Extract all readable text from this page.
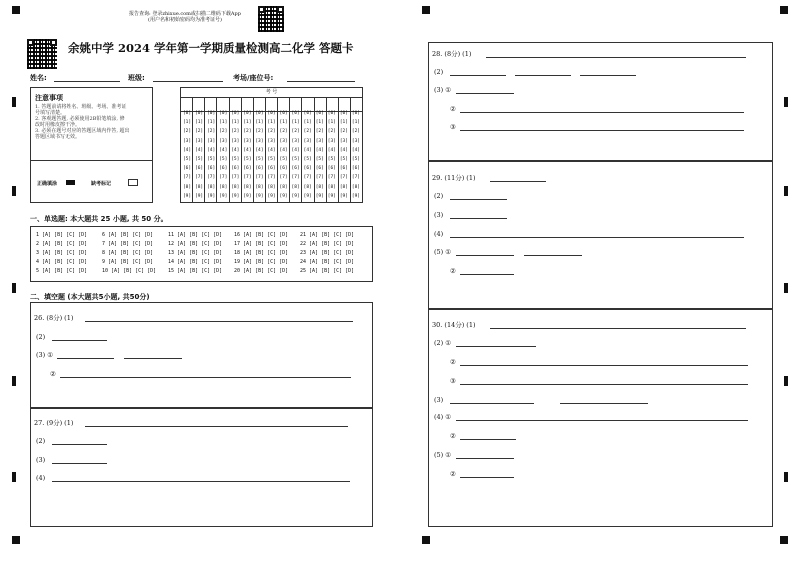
报告查询: 登录zhixue.com或扫描二维码下载App
(用户名和初始密码均为准考证号)
余姚中学 2024 学年第一学期质量检测高二化学 答题卡
姓名:	班级:	考场/座位号:
注意事项
1. 答题前请将姓名、班级、考场、准考证
号填写清楚。
2. 客观题答题, 必须使用2B铅笔填涂, 修
改时用橡皮擦干净。
3. 必须在题号对应的答题区域内作答, 超出
答题区域书写无效。
正确填涂	缺考标记
考 号
[0] [0] [0] [0] [0] [0] [0] [0] [0] [0] [0] [0] [0] [0] [0]
[1] [1] [1] [1] [1] [1] [1] [1] [1] [1] [1] [1] [1] [1] [1]
[2] [2] [2] [2] [2] [2] [2] [2] [2] [2] [2] [2] [2] [2] [2]
[3] [3] [3] [3] [3] [3] [3] [3] [3] [3] [3] [3] [3] [3] [3]
[4] [4] [4] [4] [4] [4] [4] [4] [4] [4] [4] [4] [4] [4] [4]
[5] [5] [5] [5] [5] [5] [5] [5] [5] [5] [5] [5] [5] [5] [5]
[6] [6] [6] [6] [6] [6] [6] [6] [6] [6] [6] [6] [6] [6] [6]
[7] [7] [7] [7] [7] [7] [7] [7] [7] [7] [7] [7] [7] [7] [7]
[8] [8] [8] [8] [8] [8] [8] [8] [8] [8] [8] [8] [8] [8] [8]
[9] [9] [9] [9] [9] [9] [9] [9] [9] [9] [9] [9] [9] [9] [9]
一、单选题: 本大题共 25 小题, 共 50 分。
1 [A] [B] [C] [D]
2 [A] [B] [C] [D]
3 [A] [B] [C] [D]
4 [A] [B] [C] [D]
5 [A] [B] [C] [D]
6 [A] [B] [C] [D]
7 [A] [B] [C] [D]
8 [A] [B] [C] [D]
9 [A] [B] [C] [D]
10 [A] [B] [C] [D]
11 [A] [B] [C] [D]
12 [A] [B] [C] [D]
13 [A] [B] [C] [D]
14 [A] [B] [C] [D]
15 [A] [B] [C] [D]
16 [A] [B] [C] [D]
17 [A] [B] [C] [D]
18 [A] [B] [C] [D]
19 [A] [B] [C] [D]
20 [A] [B] [C] [D]
21 [A] [B] [C] [D]
22 [A] [B] [C] [D]
23 [A] [B] [C] [D]
24 [A] [B] [C] [D]
25 [A] [B] [C] [D]
二、填空题 (本大题共5小题, 共50分)
26. (8分) (1)
(2)
(3) ①
②
27. (9分) (1)
(2)
(3)
(4)
28. (8分) (1)
(2)
(3) ①
②
③
29. (11分) (1)
(2)
(3)
(4)
(5) ①
②
30. (14分) (1)
(2) ①
②
③
(3)
(4) ①
②
(5) ①
②
